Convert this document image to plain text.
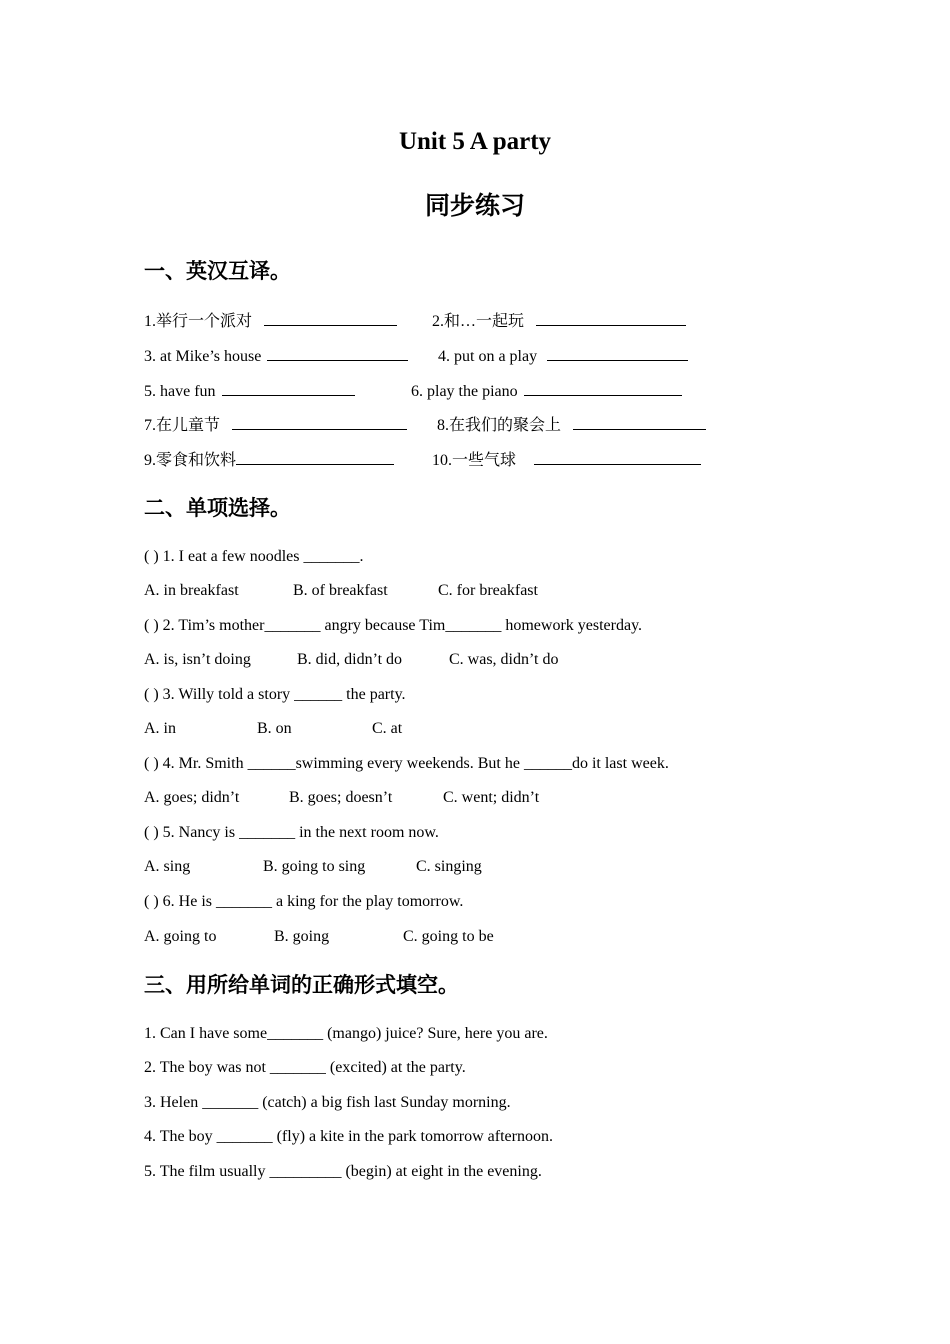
Unit 5 A party
同步练习
一、英汉互译。
1.举行一个派对	2.和…一起玩
3. at Mike’s house	4. put on a play
5. have fun	6. play the piano
7.在儿童节	8.在我们的聚会上
9.零食和饮料	10.一些气球
二、单项选择。
( ) 1. I eat a few noodles _______.
A. in breakfast	B. of breakfast	C. for breakfast
( ) 2. Tim’s mother_______ angry because Tim_______ homework yesterday.
A. is, isn’t doing	B. did, didn’t do	C. was, didn’t do
( ) 3. Willy told a story ______ the party.
A. in	B. on	C. at
( ) 4. Mr. Smith ______swimming every weekends. But he ______do it last week.
A. goes; didn’t	B. goes; doesn’t	C. went; didn’t
( ) 5. Nancy is _______ in the next room now.
A. sing	B. going to sing	C. singing
( ) 6. He is _______ a king for the play tomorrow.
A. going to	B. going	C. going to be
三、用所给单词的正确形式填空。
1. Can I have some_______ (mango) juice? Sure, here you are.
2. The boy was not _______ (excited) at the party.
3. Helen _______ (catch) a big fish last Sunday morning.
4. The boy _______ (fly) a kite in the park tomorrow afternoon.
5. The film usually _________ (begin) at eight in the evening.
